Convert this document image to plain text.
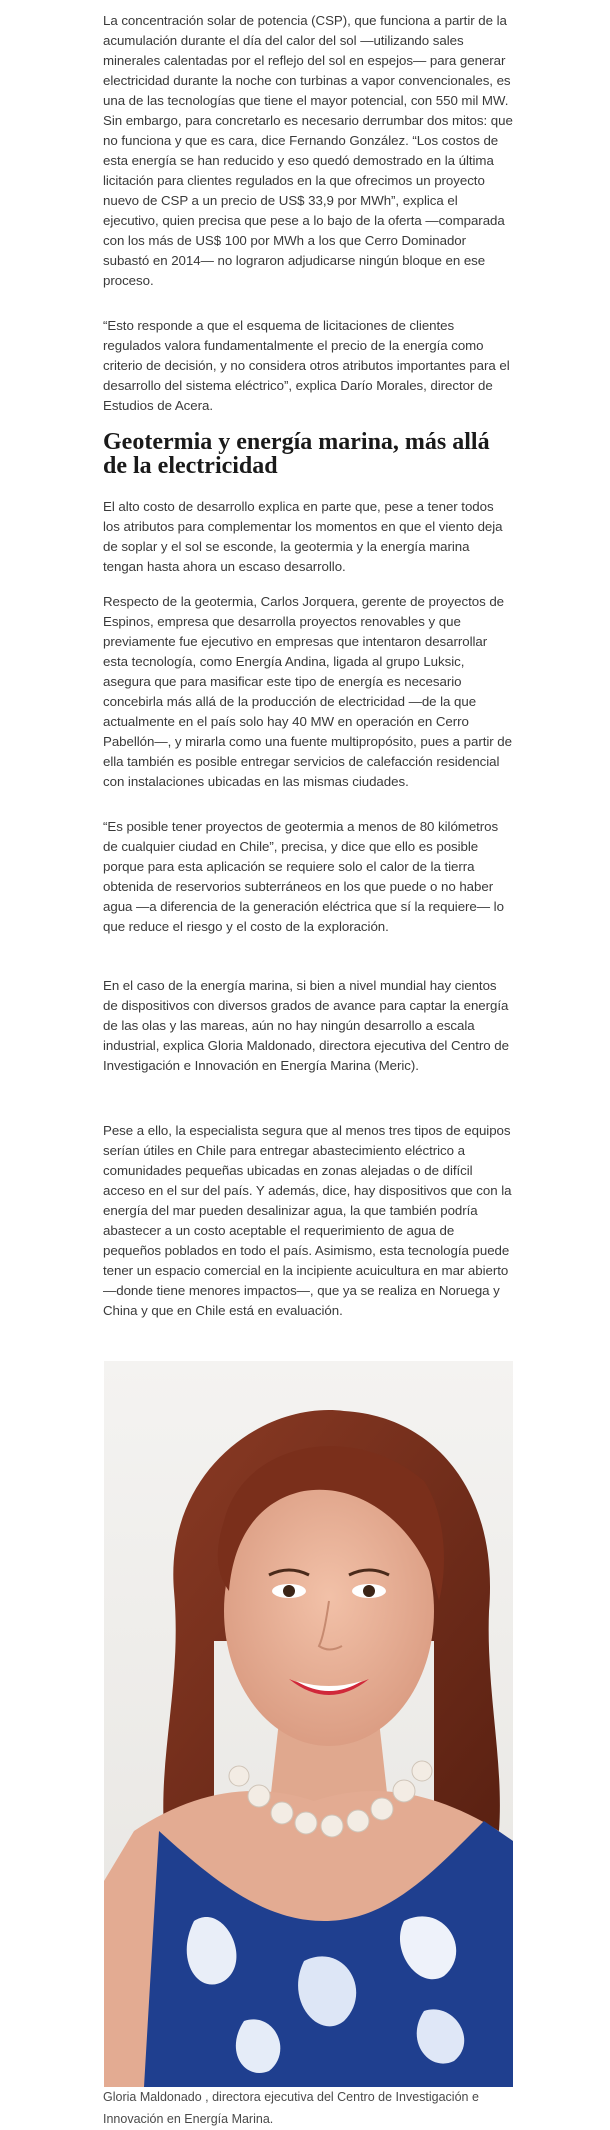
La concentración solar de potencia (CSP), que funciona a partir de la acumulación durante el día del calor del sol —utilizando sales minerales calentadas por el reflejo del sol en espejos— para generar electricidad durante la noche con turbinas a vapor convencionales, es una de las tecnologías que tiene el mayor potencial, con 550 mil MW. Sin embargo, para concretarlo es necesario derrumbar dos mitos: que no funciona y que es cara, dice Fernando González. “Los costos de esta energía se han reducido y eso quedó demostrado en la última licitación para clientes regulados en la que ofrecimos un proyecto nuevo de CSP a un precio de US$ 33,9 por MWh”, explica el ejecutivo, quien precisa que pese a lo bajo de la oferta —comparada con los más de US$ 100 por MWh a los que Cerro Dominador subastó en 2014— no lograron adjudicarse ningún bloque en ese proceso.

“Esto responde a que el esquema de licitaciones de clientes regulados valora fundamentalmente el precio de la energía como criterio de decisión, y no considera otros atributos importantes para el desarrollo del sistema eléctrico”, explica Darío Morales, director de Estudios de Acera.

Geotermia y energía marina, más allá de la electricidad

El alto costo de desarrollo explica en parte que, pese a tener todos los atributos para complementar los momentos en que el viento deja de soplar y el sol se esconde, la geotermia y la energía marina tengan hasta ahora un escaso desarrollo.

Respecto de la geotermia, Carlos Jorquera, gerente de proyectos de Espinos, empresa que desarrolla proyectos renovables y que previamente fue ejecutivo en empresas que intentaron desarrollar esta tecnología, como Energía Andina, ligada al grupo Luksic, asegura que para masificar este tipo de energía es necesario concebirla más allá de la producción de electricidad —de la que actualmente en el país solo hay 40 MW en operación en Cerro Pabellón—, y mirarla como una fuente multipropósito, pues a partir de ella también es posible entregar servicios de calefacción residencial con instalaciones ubicadas en las mismas ciudades.

“Es posible tener proyectos de geotermia a menos de 80 kilómetros de cualquier ciudad en Chile”, precisa, y dice que ello es posible porque para esta aplicación se requiere solo el calor de la tierra obtenida de reservorios subterráneos en los que puede o no haber agua —a diferencia de la generación eléctrica que sí la requiere— lo que reduce el riesgo y el costo de la exploración.

En el caso de la energía marina, si bien a nivel mundial hay cientos de dispositivos con diversos grados de avance para captar la energía de las olas y las mareas, aún no hay ningún desarrollo a escala industrial, explica Gloria Maldonado, directora ejecutiva del Centro de Investigación e Innovación en Energía Marina (Meric).

Pese a ello, la especialista segura que al menos tres tipos de equipos serían útiles en Chile para entregar abastecimiento eléctrico a comunidades pequeñas ubicadas en zonas alejadas o de difícil acceso en el sur del país. Y además, dice, hay dispositivos que con la energía del mar pueden desalinizar agua, la que también podría abastecer a un costo aceptable el requerimiento de agua de pequeños poblados en todo el país. Asimismo, esta tecnología puede tener un espacio comercial en la incipiente acuicultura en mar abierto —donde tiene menores impactos—, que ya se realiza en Noruega y China y que en Chile está en evaluación.

Gloria Maldonado , directora ejecutiva del Centro de Investigación e Innovación en Energía Marina.
